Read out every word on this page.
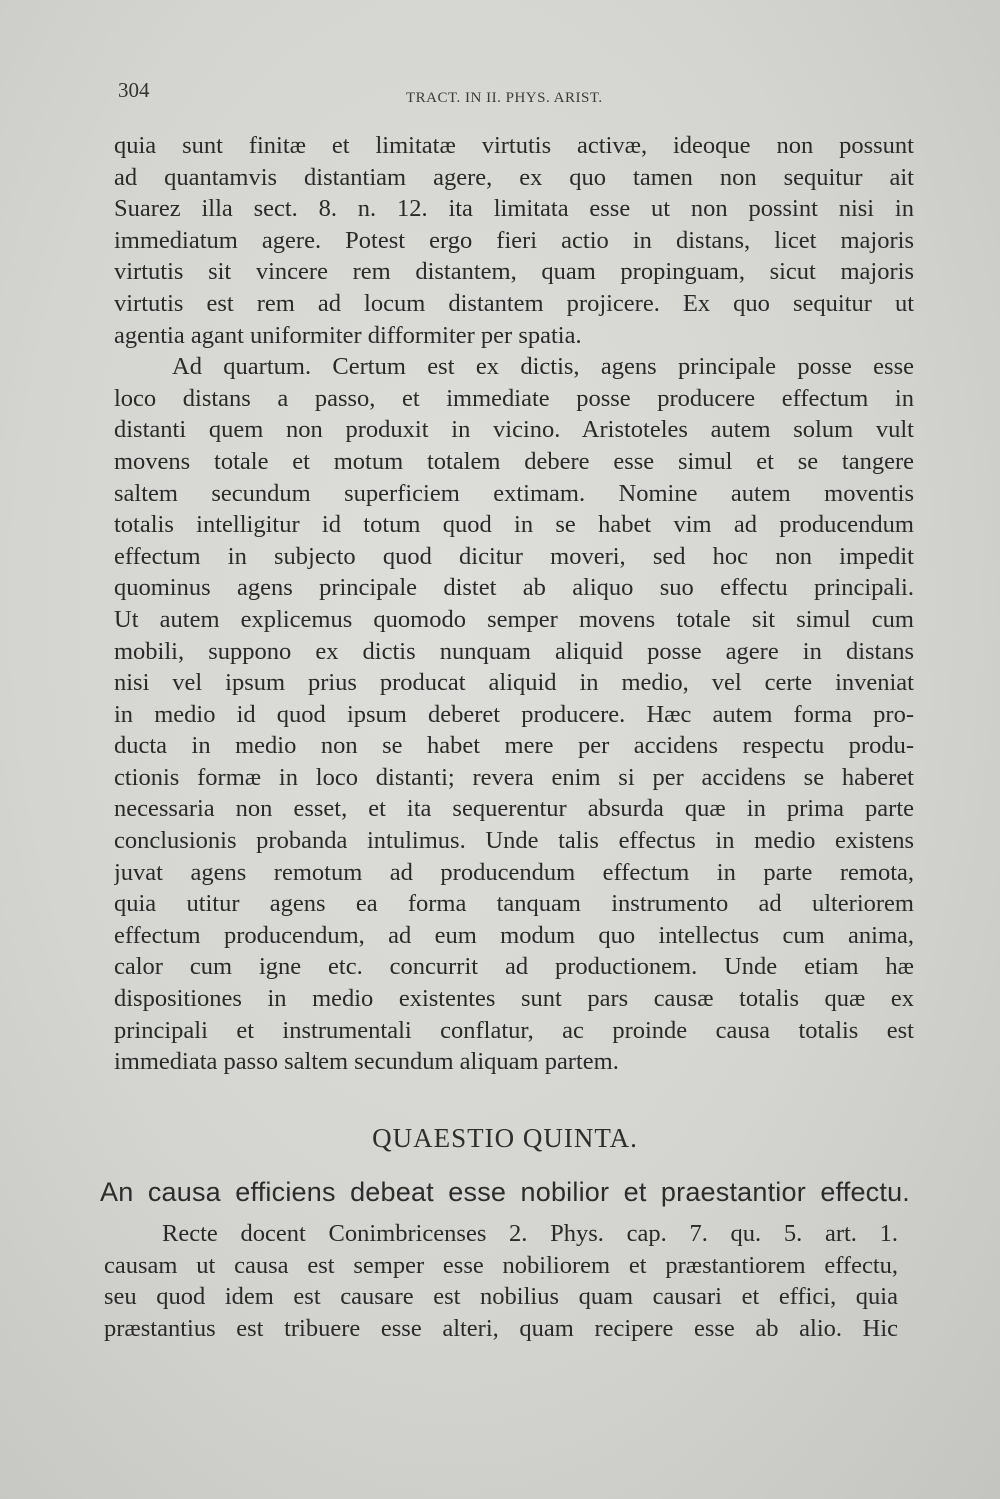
304	TRACT. IN II. PHYS. ARIST.
quia sunt finitæ et limitatæ virtutis activæ, ideoque non possunt
ad quantamvis distantiam agere, ex quo tamen non sequitur ait
Suarez illa sect. 8. n. 12. ita limitata esse ut non possint nisi in
immediatum agere. Potest ergo fieri actio in distans, licet majoris
virtutis sit vincere rem distantem, quam propinguam, sicut majoris
virtutis est rem ad locum distantem projicere. Ex quo sequitur ut
agentia agant uniformiter difformiter per spatia.
Ad quartum. Certum est ex dictis, agens principale posse esse
loco distans a passo, et immediate posse producere effectum in
distanti quem non produxit in vicino. Aristoteles autem solum vult
movens totale et motum totalem debere esse simul et se tangere
saltem secundum superficiem extimam. Nomine autem moventis
totalis intelligitur id totum quod in se habet vim ad producendum
effectum in subjecto quod dicitur moveri, sed hoc non impedit
quominus agens principale distet ab aliquo suo effectu principali.
Ut autem explicemus quomodo semper movens totale sit simul cum
mobili, suppono ex dictis nunquam aliquid posse agere in distans
nisi vel ipsum prius producat aliquid in medio, vel certe inveniat
in medio id quod ipsum deberet producere. Hæc autem forma pro-
ducta in medio non se habet mere per accidens respectu produ-
ctionis formæ in loco distanti; revera enim si per accidens se haberet
necessaria non esset, et ita sequerentur absurda quæ in prima parte
conclusionis probanda intulimus. Unde talis effectus in medio existens
juvat agens remotum ad producendum effectum in parte remota,
quia utitur agens ea forma tanquam instrumento ad ulteriorem
effectum producendum, ad eum modum quo intellectus cum anima,
calor cum igne etc. concurrit ad productionem. Unde etiam hæ
dispositiones in medio existentes sunt pars causæ totalis quæ ex
principali et instrumentali conflatur, ac proinde causa totalis est
immediata passo saltem secundum aliquam partem.
QUAESTIO QUINTA.
An causa efficiens debeat esse nobilior et praestantior effectu.
Recte docent Conimbricenses 2. Phys. cap. 7. qu. 5. art. 1.
causam ut causa est semper esse nobiliorem et præstantiorem effectu,
seu quod idem est causare est nobilius quam causari et effici, quia
præstantius est tribuere esse alteri, quam recipere esse ab alio. Hic
